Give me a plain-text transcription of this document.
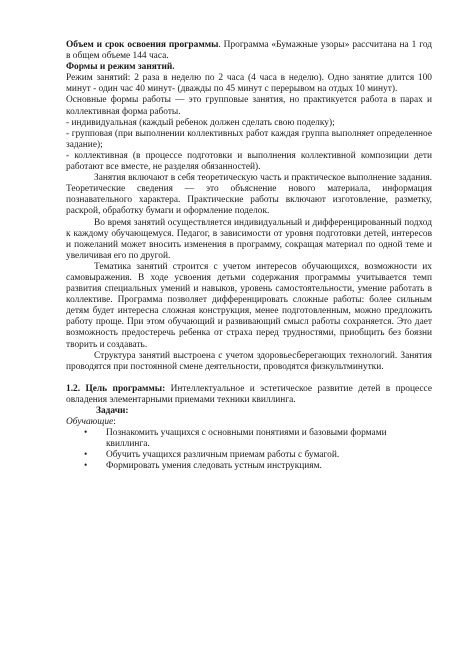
Объем и срок освоения программы. Программа «Бумажные узоры» рассчитана на 1 год в общем объеме 144 часа.

Формы и режим занятий.

Режим занятий: 2 раза в неделю по 2 часа (4 часа в неделю). Одно занятие длится 100 минут - один час 40 минут- (дважды по 45 минут с перерывом на отдых 10 минут).

Основные формы работы — это групповые занятия, но практикуется работа в парах и коллективная форма работы.

- индивидуальная (каждый ребенок должен сделать свою поделку);

- групповая (при выполнении коллективных работ каждая группа выполняет определенное задание);

- коллективная (в процессе подготовки и выполнения коллективной композиции дети работают все вместе, не разделяя обязанностей).

Занятия включают в себя теоретическую часть и практическое выполнение задания. Теоретические сведения — это объяснение нового материала, информация познавательного характера. Практические работы включают изготовление, разметку, раскрой, обработку бумаги и оформление поделок.

Во время занятий осуществляется индивидуальный и дифференцированный подход к каждому обучающемуся. Педагог, в зависимости от уровня подготовки детей, интересов и пожеланий может вносить изменения в программу, сокращая материал по одной теме и увеличивая его по другой.

Тематика занятий строится с учетом интересов обучающихся, возможности их самовыражения. В ходе усвоения детьми содержания программы учитывается темп развития специальных умений и навыков, уровень самостоятельности, умение работать в коллективе. Программа позволяет дифференцировать сложные работы: более сильным детям будет интересна сложная конструкция, менее подготовленным, можно предложить работу проще. При этом обучающий и развивающий смысл работы сохраняется. Это дает возможность предостеречь ребенка от страха перед трудностями, приобщить без боязни творить и создавать.

Структура занятий выстроена с учетом здоровьесберегающих технологий. Занятия проводятся при постоянной смене деятельности, проводятся физкультминутки.

1.2. Цель программы: Интеллектуальное и эстетическое развитие детей в процессе овладения элементарными приемами техники квиллинга.

Задачи:

Обучающие:

• Познакомить учащихся с основными понятиями и базовыми формами квиллинга.
• Обучить учащихся различным приемам работы с бумагой.
• Формировать умения следовать устным инструкциям.
